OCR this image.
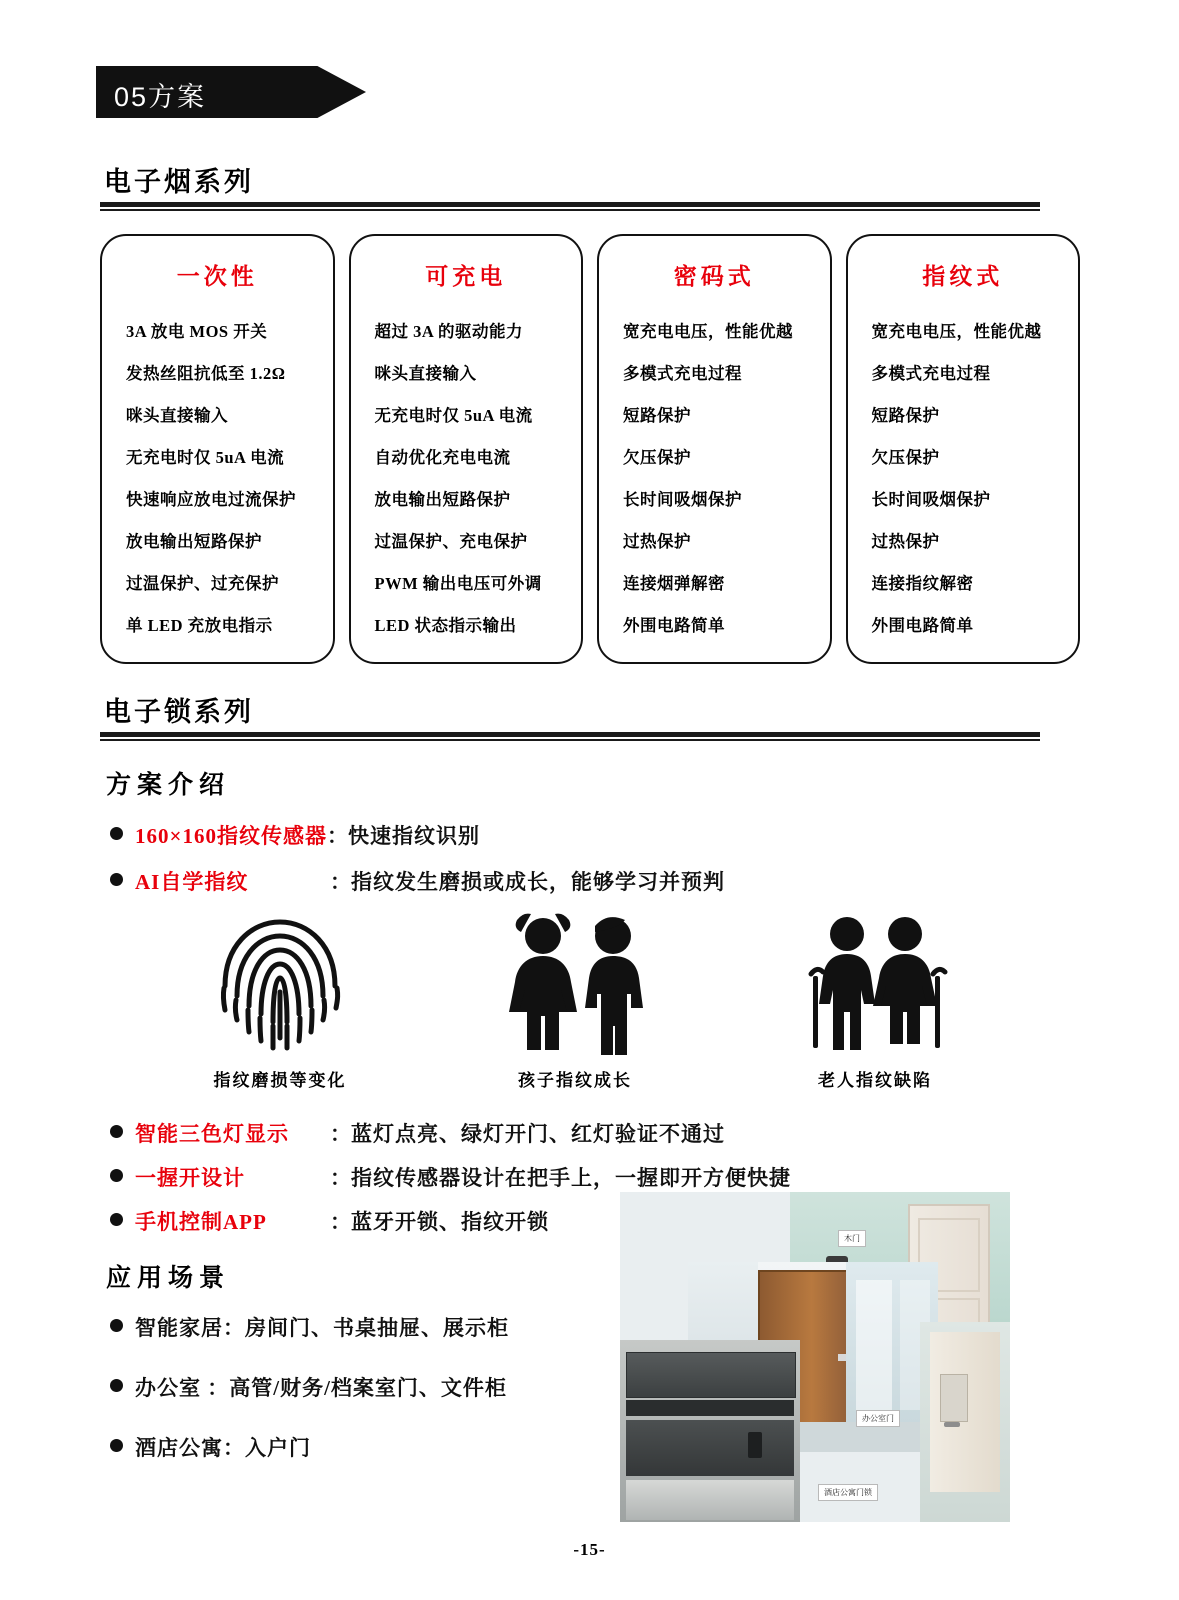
05方案
电子烟系列
一次性
3A 放电 MOS 开关
发热丝阻抗低至 1.2Ω
咪头直接输入
无充电时仅 5uA 电流
快速响应放电过流保护
放电输出短路保护
过温保护、过充保护
单 LED 充放电指示
可充电
超过 3A 的驱动能力
咪头直接输入
无充电时仅 5uA 电流
自动优化充电电流
放电输出短路保护
过温保护、充电保护
PWM 输出电压可外调
LED 状态指示输出
密码式
宽充电电压，性能优越
多模式充电过程
短路保护
欠压保护
长时间吸烟保护
过热保护
连接烟弹解密
外围电路简单
指纹式
宽充电电压，性能优越
多模式充电过程
短路保护
欠压保护
长时间吸烟保护
过热保护
连接指纹解密
外围电路简单
电子锁系列
方案介绍
160×160指纹传感器 ： 快速指纹识别
AI自学指纹	： 指纹发生磨损或成长，能够学习并预判
指纹磨损等变化	孩子指纹成长	老人指纹缺陷
智能三色灯显示	： 蓝灯点亮、绿灯开门、红灯验证不通过
一握开设计	： 指纹传感器设计在把手上，一握即开方便快捷
手机控制APP	： 蓝牙开锁、指纹开锁
应用场景
智能家居：房间门、书桌抽屉、展示柜
办公室 ：高管/财务/档案室门、文件柜
酒店公寓：入户门
木门
办公室门
酒店公寓门锁
-15-
